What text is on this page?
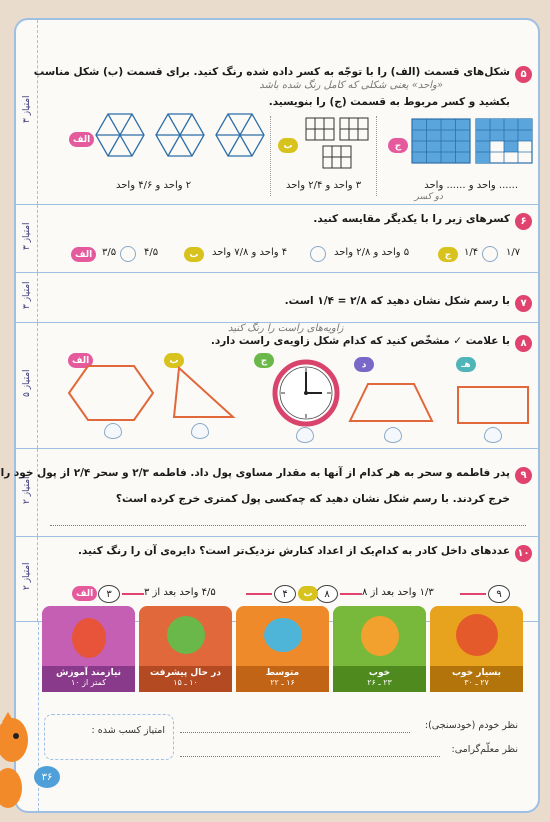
۳ امتیاز
۵
شکل‌های قسمت (الف) را با توجّه به کسر داده شده رنگ کنید. برای قسمت (ب) شکل مناسب
«واحد» یعنی شکلی که کامل رنگ شده باشد
بکشید و کسر مربوط به قسمت (ج) را بنویسید.
ج
...... واحد و ...... واحد
دو کسر
ب
۳ واحد و ۲/۴ واحد
الف
۲ واحد و ۴/۶ واحد
۳ امتیاز
۶
کسرهای زیر را با یکدیگر مقایسه کنید.
ج	۱/۷
۱/۴
۵ واحد و ۲/۸ واحد
۴ واحد و ۷/۸ واحد
ب
۴/۵
۳/۵
الف
۳ امتیاز
۷
با رسم شکل نشان دهید که ۲/۸ = ۱/۴ است.
۵ امتیاز
۸
با علامت ✓ مشخّص کنید که کدام شکل زاویه‌ی راست دارد.
زاویه‌های راست را رنگ کنید
الف	ب	ج	د	هـ
۲ امتیاز
۹
پدر فاطمه و سحر به هر کدام از آنها به مقدار مساوی پول داد. فاطمه ۲/۳ و سحر ۲/۴ از پول خود را
خرج کردند. با رسم شکل نشان دهید که چه‌کسی پول کمتری خرج کرده است؟
۲ امتیاز
۱۰
عددهای داخل کادر به کدام‌یک از اعداد کنارش نزدیک‌تر است؟ دایره‌ی آن را رنگ کنید.
۹
۱/۳ واحد بعد از ۸
۸
ب
۴
۴/۵ واحد بعد از ۳
۳
الف
نیازمند آموزش
کمتر از ۱۰
در حال پیشرفت
۱۰ ـ ۱۵
متوسط
۱۶ ـ ۲۲
خوب
۲۳ ـ ۲۶
بسیار خوب
۲۷ ـ ۳۰
نظر خودم (خودسنجی):
نظر معلّم‌گرامی:
امتیاز کسب شده :
۳۶
